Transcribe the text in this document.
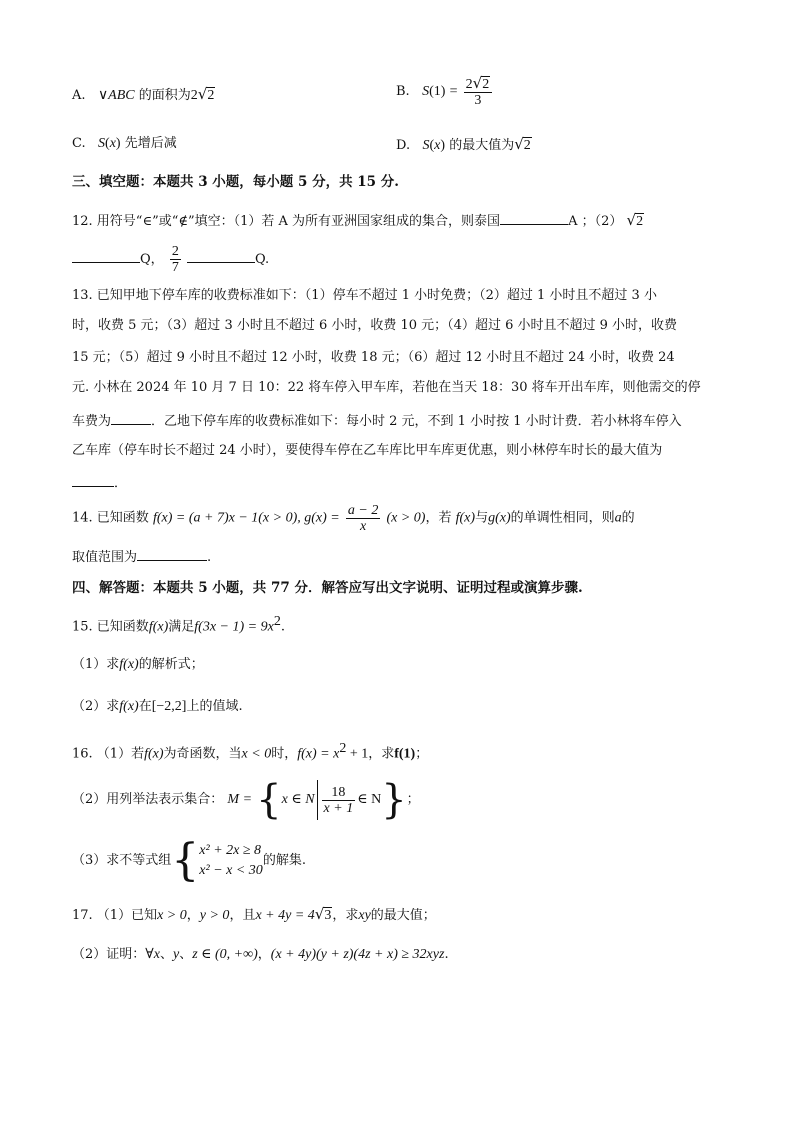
A. ∨ABC 的面积为2√2	B. $S(1) = \frac{2√2}{3}$
C. S(x) 先增后减	D. S(x) 的最大值为√2
三、填空题：本题共 3 小题，每小题 5 分，共 15 分.
12. 用符号“∈”或“∉”填空：（1）若 A 为所有亚洲国家组成的集合，则泰国	A ；（2） √2
Q， $\frac{2}{7}$	Q.
13. 已知甲地下停车库的收费标准如下：（1）停车不超过 1 小时免费；（2）超过 1 小时且不超过 3 小
时，收费 5 元；（3）超过 3 小时且不超过 6 小时，收费 10 元；（4）超过 6 小时且不超过 9 小时，收费
15 元；（5）超过 9 小时且不超过 12 小时，收费 18 元；（6）超过 12 小时且不超过 24 小时，收费 24
元. 小林在 2024 年 10 月 7 日 10：22 将车停入甲车库，若他在当天 18：30 将车开出车库，则他需交的停
车费为	．乙地下停车库的收费标准如下：每小时 2 元，不到 1 小时按 1 小时计费．若小林将车停入
乙车库（停车时长不超过 24 小时），要使得车停在乙车库比甲车库更优惠，则小林停车时长的最大值为
．
14. 已知函数 f(x) = (a + 7)x − 1(x > 0), $g(x) = \frac{a - 2}{x} (x > 0)$，若 f(x)与g(x)的单调性相同，则a的
取值范围为	.
四、解答题：本题共 5 小题，共 77 分．解答应写出文字说明、证明过程或演算步骤.
15. 已知函数f(x)满足$f(3x - 1) = 9x^2$.
（1）求f(x)的解析式；
（2）求f(x)在[−2,2]上的值域.
16. （1）若f(x)为奇函数，当x < 0时，$f(x) = x^2 + 1$，求f(1)；
（2）用列举法表示集合： M = {x ∈ N $\frac{18}{x + 1}$ ∈ N}；
（3）求不等式组{ x² + 2x ≥ 8
x² − x < 30
的解集.
17. （1）已知x > 0，y > 0，且x + 4y = 4√3，求xy的最大值；
（2）证明：∀x、y、z ∈ (0, +∞)，(x + 4y)(y + z)(4z + x) ≥ 32xyz.
